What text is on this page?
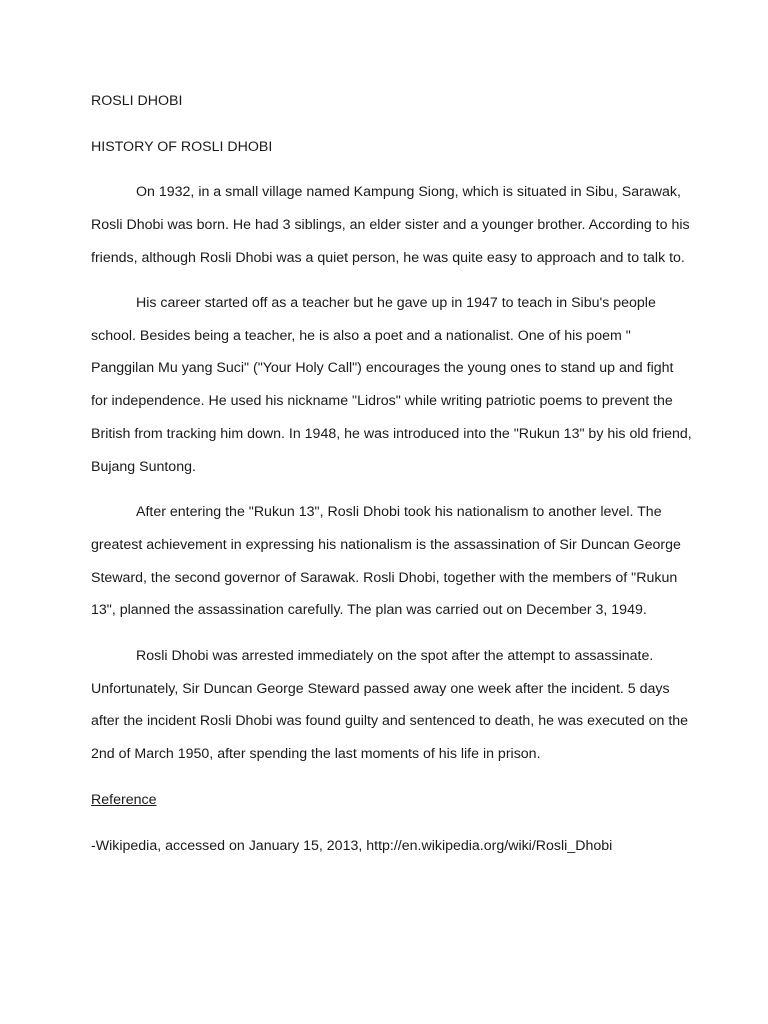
ROSLI DHOBI

HISTORY OF ROSLI DHOBI

On 1932, in a small village named Kampung Siong, which is situated in Sibu, Sarawak,

Rosli Dhobi was born. He had 3 siblings, an elder sister and a younger brother. According to his

friends, although Rosli Dhobi was a quiet person, he was quite easy to approach and to talk to.

His career started off as a teacher but he gave up in 1947 to teach in Sibu's people

school. Besides being a teacher, he is also a poet and a nationalist. One of his poem "

Panggilan Mu yang Suci" ("Your Holy Call") encourages the young ones to stand up and fight

for independence. He used his nickname "Lidros" while writing patriotic poems to prevent the

British from tracking him down. In 1948, he was introduced into the "Rukun 13" by his old friend,

Bujang Suntong.

After entering the "Rukun 13", Rosli Dhobi took his nationalism to another level. The

greatest achievement in expressing his nationalism is the assassination of Sir Duncan George

Steward, the second governor of Sarawak. Rosli Dhobi, together with the members of "Rukun

13", planned the assassination carefully. The plan was carried out on December 3, 1949.

Rosli Dhobi was arrested immediately on the spot after the attempt to assassinate.

Unfortunately, Sir Duncan George Steward passed away one week after the incident. 5 days

after the incident Rosli Dhobi was found guilty and sentenced to death, he was executed on the

2nd of March 1950, after spending the last moments of his life in prison.

Reference

-Wikipedia, accessed on January 15, 2013, http://en.wikipedia.org/wiki/Rosli_Dhobi
